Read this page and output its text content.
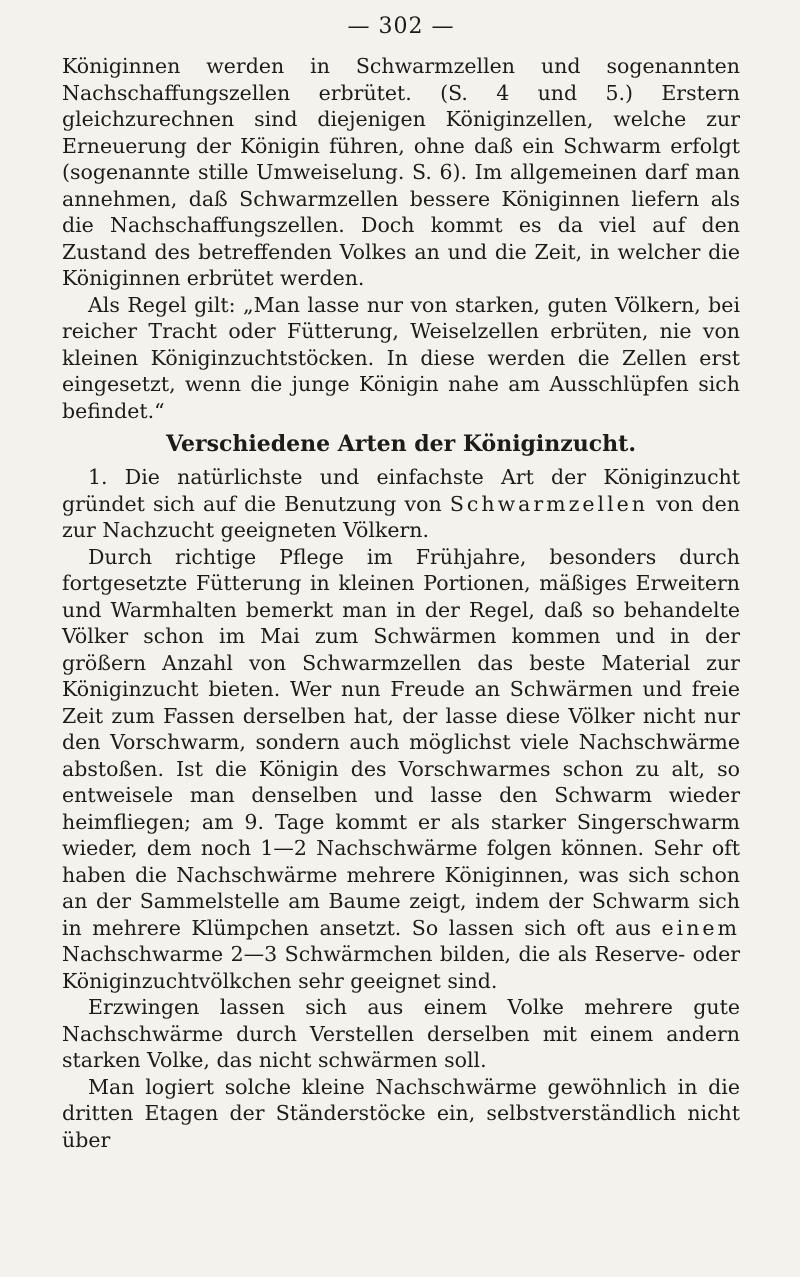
— 302 —

Königinnen werden in Schwarmzellen und sogenannten Nachschaffungszellen erbrütet. (S. 4 und 5.) Erstern gleichzurechnen sind diejenigen Königinzellen, welche zur Erneuerung der Königin führen, ohne daß ein Schwarm erfolgt (sogenannte stille Umweiselung. S. 6). Im allgemeinen darf man annehmen, daß Schwarmzellen bessere Königinnen liefern als die Nachschaffungszellen. Doch kommt es da viel auf den Zustand des betreffenden Volkes an und die Zeit, in welcher die Königinnen erbrütet werden.

Als Regel gilt: „Man lasse nur von starken, guten Völkern, bei reicher Tracht oder Fütterung, Weiselzellen erbrüten, nie von kleinen Königinzuchtstöcken. In diese werden die Zellen erst eingesetzt, wenn die junge Königin nahe am Ausschlüpfen sich befindet.“

Verschiedene Arten der Königinzucht.

1. Die natürlichste und einfachste Art der Königinzucht gründet sich auf die Benutzung von Schwarmzellen von den zur Nachzucht geeigneten Völkern.

Durch richtige Pflege im Frühjahre, besonders durch fortgesetzte Fütterung in kleinen Portionen, mäßiges Erweitern und Warmhalten bemerkt man in der Regel, daß so behandelte Völker schon im Mai zum Schwärmen kommen und in der größern Anzahl von Schwarmzellen das beste Material zur Königinzucht bieten. Wer nun Freude an Schwärmen und freie Zeit zum Fassen derselben hat, der lasse diese Völker nicht nur den Vorschwarm, sondern auch möglichst viele Nachschwärme abstoßen. Ist die Königin des Vorschwarmes schon zu alt, so entweisele man denselben und lasse den Schwarm wieder heimfliegen; am 9. Tage kommt er als starker Singerschwarm wieder, dem noch 1—2 Nachschwärme folgen können. Sehr oft haben die Nachschwärme mehrere Königinnen, was sich schon an der Sammelstelle am Baume zeigt, indem der Schwarm sich in mehrere Klümpchen ansetzt. So lassen sich oft aus einem Nachschwarme 2—3 Schwärmchen bilden, die als Reserve- oder Königinzuchtvölkchen sehr geeignet sind.

Erzwingen lassen sich aus einem Volke mehrere gute Nachschwärme durch Verstellen derselben mit einem andern starken Volke, das nicht schwärmen soll.

Man logiert solche kleine Nachschwärme gewöhnlich in die dritten Etagen der Ständerstöcke ein, selbstverständlich nicht über
